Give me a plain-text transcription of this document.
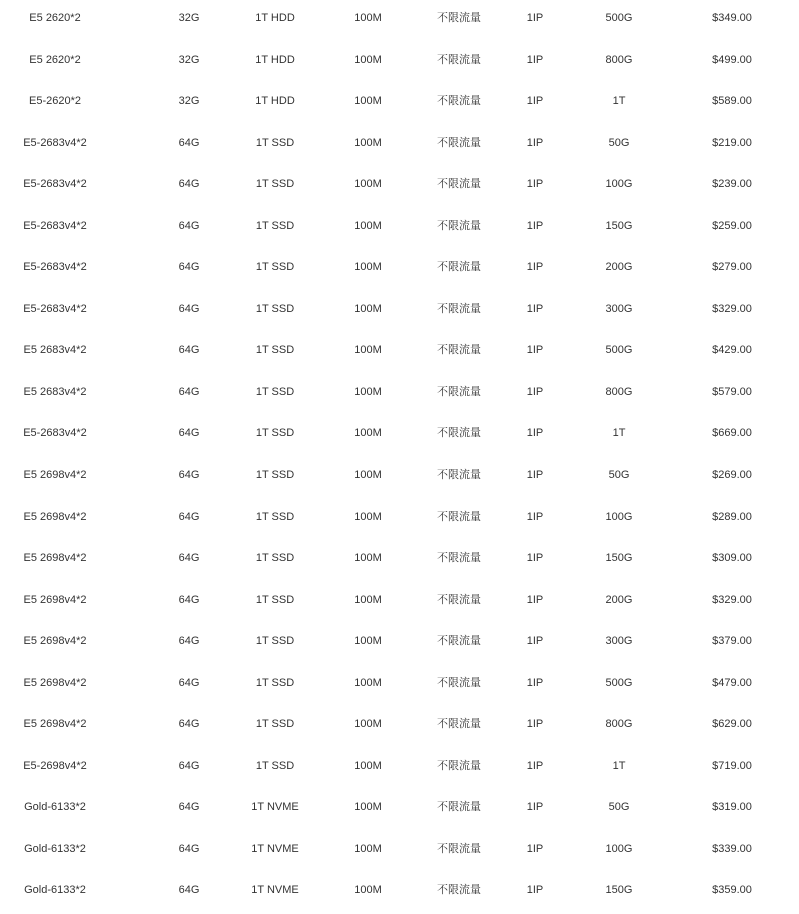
E5 2620*2	32G	1T HDD	100M	不限流量	1IP	500G	$349.00
E5 2620*2	32G	1T HDD	100M	不限流量	1IP	800G	$499.00
E5-2620*2	32G	1T HDD	100M	不限流量	1IP	1T	$589.00
E5-2683v4*2	64G	1T SSD	100M	不限流量	1IP	50G	$219.00
E5-2683v4*2	64G	1T SSD	100M	不限流量	1IP	100G	$239.00
E5-2683v4*2	64G	1T SSD	100M	不限流量	1IP	150G	$259.00
E5-2683v4*2	64G	1T SSD	100M	不限流量	1IP	200G	$279.00
E5-2683v4*2	64G	1T SSD	100M	不限流量	1IP	300G	$329.00
E5 2683v4*2	64G	1T SSD	100M	不限流量	1IP	500G	$429.00
E5 2683v4*2	64G	1T SSD	100M	不限流量	1IP	800G	$579.00
E5-2683v4*2	64G	1T SSD	100M	不限流量	1IP	1T	$669.00
E5 2698v4*2	64G	1T SSD	100M	不限流量	1IP	50G	$269.00
E5 2698v4*2	64G	1T SSD	100M	不限流量	1IP	100G	$289.00
E5 2698v4*2	64G	1T SSD	100M	不限流量	1IP	150G	$309.00
E5 2698v4*2	64G	1T SSD	100M	不限流量	1IP	200G	$329.00
E5 2698v4*2	64G	1T SSD	100M	不限流量	1IP	300G	$379.00
E5 2698v4*2	64G	1T SSD	100M	不限流量	1IP	500G	$479.00
E5 2698v4*2	64G	1T SSD	100M	不限流量	1IP	800G	$629.00
E5-2698v4*2	64G	1T SSD	100M	不限流量	1IP	1T	$719.00
Gold-6133*2	64G	1T NVME	100M	不限流量	1IP	50G	$319.00
Gold-6133*2	64G	1T NVME	100M	不限流量	1IP	100G	$339.00
Gold-6133*2	64G	1T NVME	100M	不限流量	1IP	150G	$359.00
